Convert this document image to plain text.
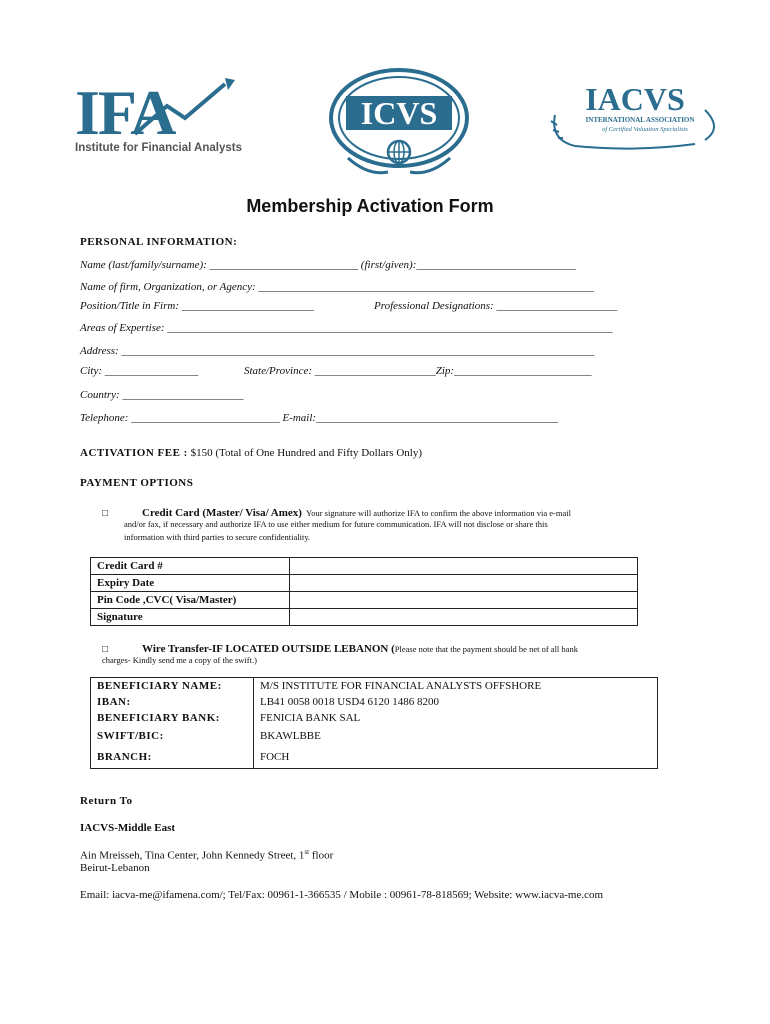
IFA
Institute for Financial Analysts
ICVS	IACVS
INTERNATIONAL ASSOCIATION
of Certified Valuation Specialists
Membership Activation Form
PERSONAL INFORMATION:
Name (last/family/surname): ___________________________ (first/given):_____________________________
Name of firm, Organization, or Agency: _____________________________________________________________
Position/Title in Firm: ________________________	Professional Designations: ______________________
Areas of Expertise: _________________________________________________________________________________
Address: ______________________________________________________________________________________
City: _________________	State/Province: ______________________Zip:_________________________
Country: ______________________
Telephone: ___________________________ E-mail:____________________________________________
ACTIVATION FEE : $150 (Total of One Hundred and Fifty Dollars Only)
PAYMENT OPTIONS
□	Credit Card (Master/ Visa/ Amex) Your signature will authorize IFA to confirm the above information via e-mail
and/or fax, if necessary and authorize IFA to use either medium for future communication. IFA will not disclose or share this
information with third parties to secure confidentiality.
Credit Card #	
Expiry Date	
Pin Code ,CVC( Visa/Master)	
Signature	
□	Wire Transfer-IF LOCATED OUTSIDE LEBANON (Please note that the payment should be net of all bank
charges- Kindly send me a copy of the swift.)
BENEFICIARY NAME:	M/S INSTITUTE FOR FINANCIAL ANALYSTS OFFSHORE
IBAN:	LB41 0058 0018 USD4 6120 1486 8200
BENEFICIARY BANK:	FENICIA BANK SAL
SWIFT/BIC:	BKAWLBBE
BRANCH:	FOCH
Return To
IACVS-Middle East
Ain Mreisseh, Tina Center, John Kennedy Street, 1st floor
Beirut-Lebanon
Email: iacva-me@ifamena.com/; Tel/Fax: 00961-1-366535 / Mobile : 00961-78-818569; Website: www.iacva-me.com
